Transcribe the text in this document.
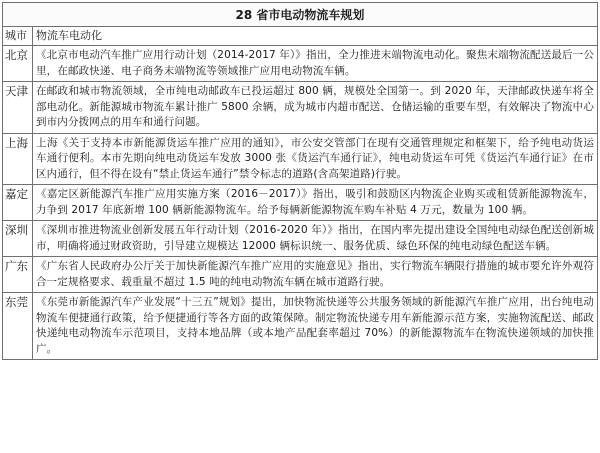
28 省市电动物流车规划
城市	物流车电动化
北京	《北京市电动汽车推广应用行动计划（2014-2017 年）》指出，全力推进末端物流电动化。聚焦末端物流配送最后一公里，在邮政快递、电子商务末端物流等领域推广应用电动物流车辆。
天津	在邮政和城市物流领域，全市纯电动邮政车已投运超过 800 辆，规模处全国第一。到 2020 年，天津邮政快递车将全部电动化。新能源城市物流车累计推广 5800 余辆，成为城市内超市配送、仓储运输的重要车型，有效解决了物流中心到市内分拨网点的用车和通行问题。
上海	上海《关于支持本市新能源货运车推广应用的通知》，市公安交管部门在现有交通管理规定和框架下，给予纯电动货运车通行便利。本市先期向纯电动货运车发放 3000 张《货运汽车通行证》，纯电动货运车可凭《货运汽车通行证》在市区内通行，但不得在设有“禁止货运车通行”禁令标志的道路(含高架道路)行驶。
嘉定	《嘉定区新能源汽车推广应用实施方案（2016－2017）》指出，吸引和鼓励区内物流企业购买或租赁新能源物流车，力争到 2017 年底新增 100 辆新能源物流车。给予每辆新能源物流车购车补贴 4 万元，数量为 100 辆。
深圳	《深圳市推进物流业创新发展五年行动计划（2016-2020 年）》指出，在国内率先提出建设全国纯电动绿色配送创新城市，明确将通过财政资助，引导建立规模达 12000 辆标识统一、服务优质、绿色环保的纯电动绿色配送车辆。
广东	《广东省人民政府办公厅关于加快新能源汽车推广应用的实施意见》指出，实行物流车辆限行措施的城市要允许外观符合一定规格要求、载重量不超过 1.5 吨的纯电动物流车辆在城市道路行驶。
东莞	《东莞市新能源汽车产业发展“十三五”规划》提出，加快物流快递等公共服务领域的新能源汽车推广应用，出台纯电动物流车便捷通行政策，给予便捷通行等各方面的政策保障。制定物流快递专用车新能源示范方案，实施物流配送、邮政快递纯电动物流车示范项目，支持本地品牌（或本地产品配套率超过 70%）的新能源物流车在物流快递领域的加快推广。
